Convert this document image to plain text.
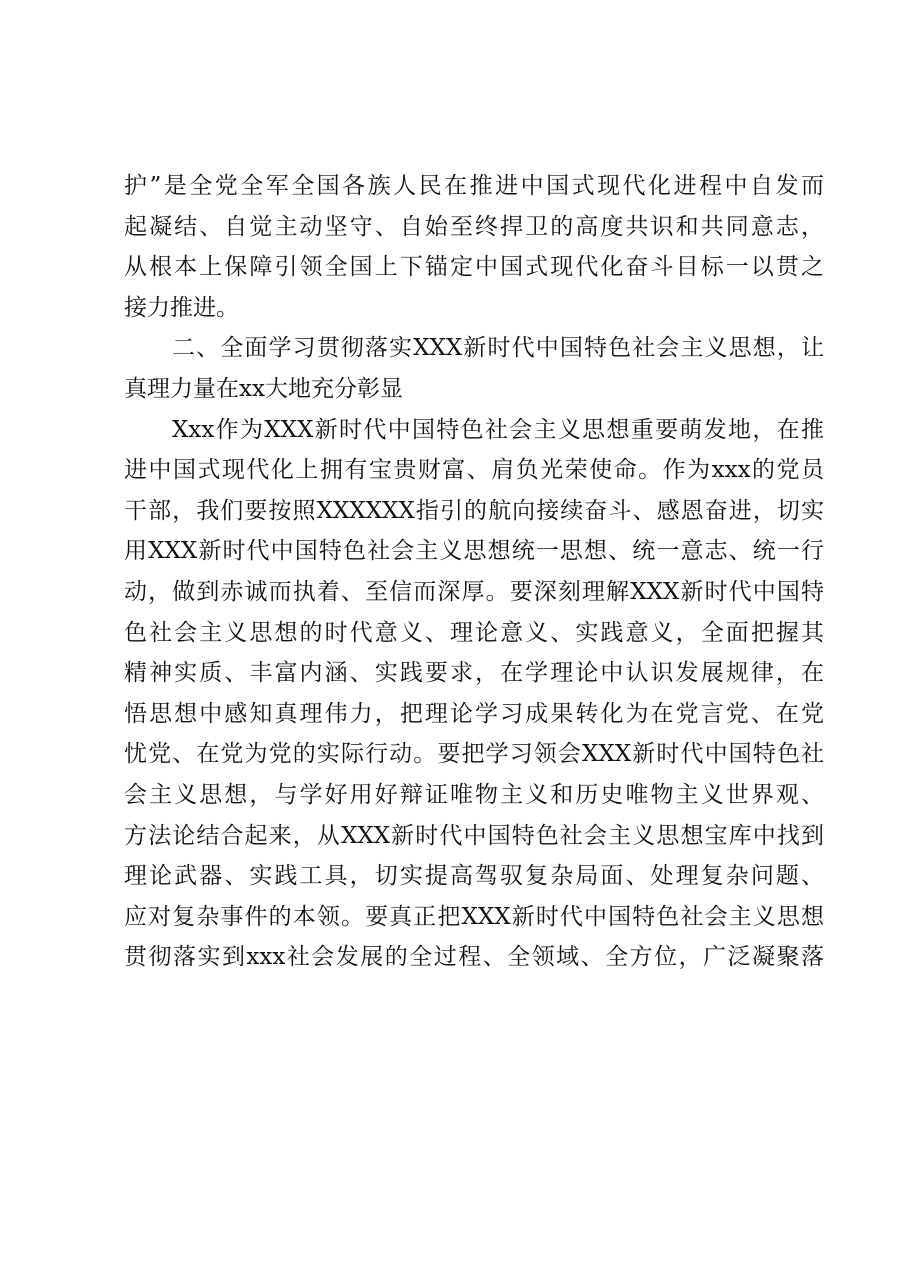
护”是全党全军全国各族人民在推进中国式现代化进程中自发而
起凝结、自觉主动坚守、自始至终捍卫的高度共识和共同意志，
从根本上保障引领全国上下锚定中国式现代化奋斗目标一以贯之
接力推进。
二、全面学习贯彻落实XXX新时代中国特色社会主义思想，让
真理力量在xx大地充分彰显
Xxx作为XXX新时代中国特色社会主义思想重要萌发地，在推
进中国式现代化上拥有宝贵财富、肩负光荣使命。作为xxx的党员
干部，我们要按照XXXXXX指引的航向接续奋斗、感恩奋进，切实
用XXX新时代中国特色社会主义思想统一思想、统一意志、统一行
动，做到赤诚而执着、至信而深厚。要深刻理解XXX新时代中国特
色社会主义思想的时代意义、理论意义、实践意义，全面把握其
精神实质、丰富内涵、实践要求，在学理论中认识发展规律，在
悟思想中感知真理伟力，把理论学习成果转化为在党言党、在党
忧党、在党为党的实际行动。要把学习领会XXX新时代中国特色社
会主义思想，与学好用好辩证唯物主义和历史唯物主义世界观、
方法论结合起来，从XXX新时代中国特色社会主义思想宝库中找到
理论武器、实践工具，切实提高驾驭复杂局面、处理复杂问题、
应对复杂事件的本领。要真正把XXX新时代中国特色社会主义思想
贯彻落实到xxx社会发展的全过程、全领域、全方位，广泛凝聚落
